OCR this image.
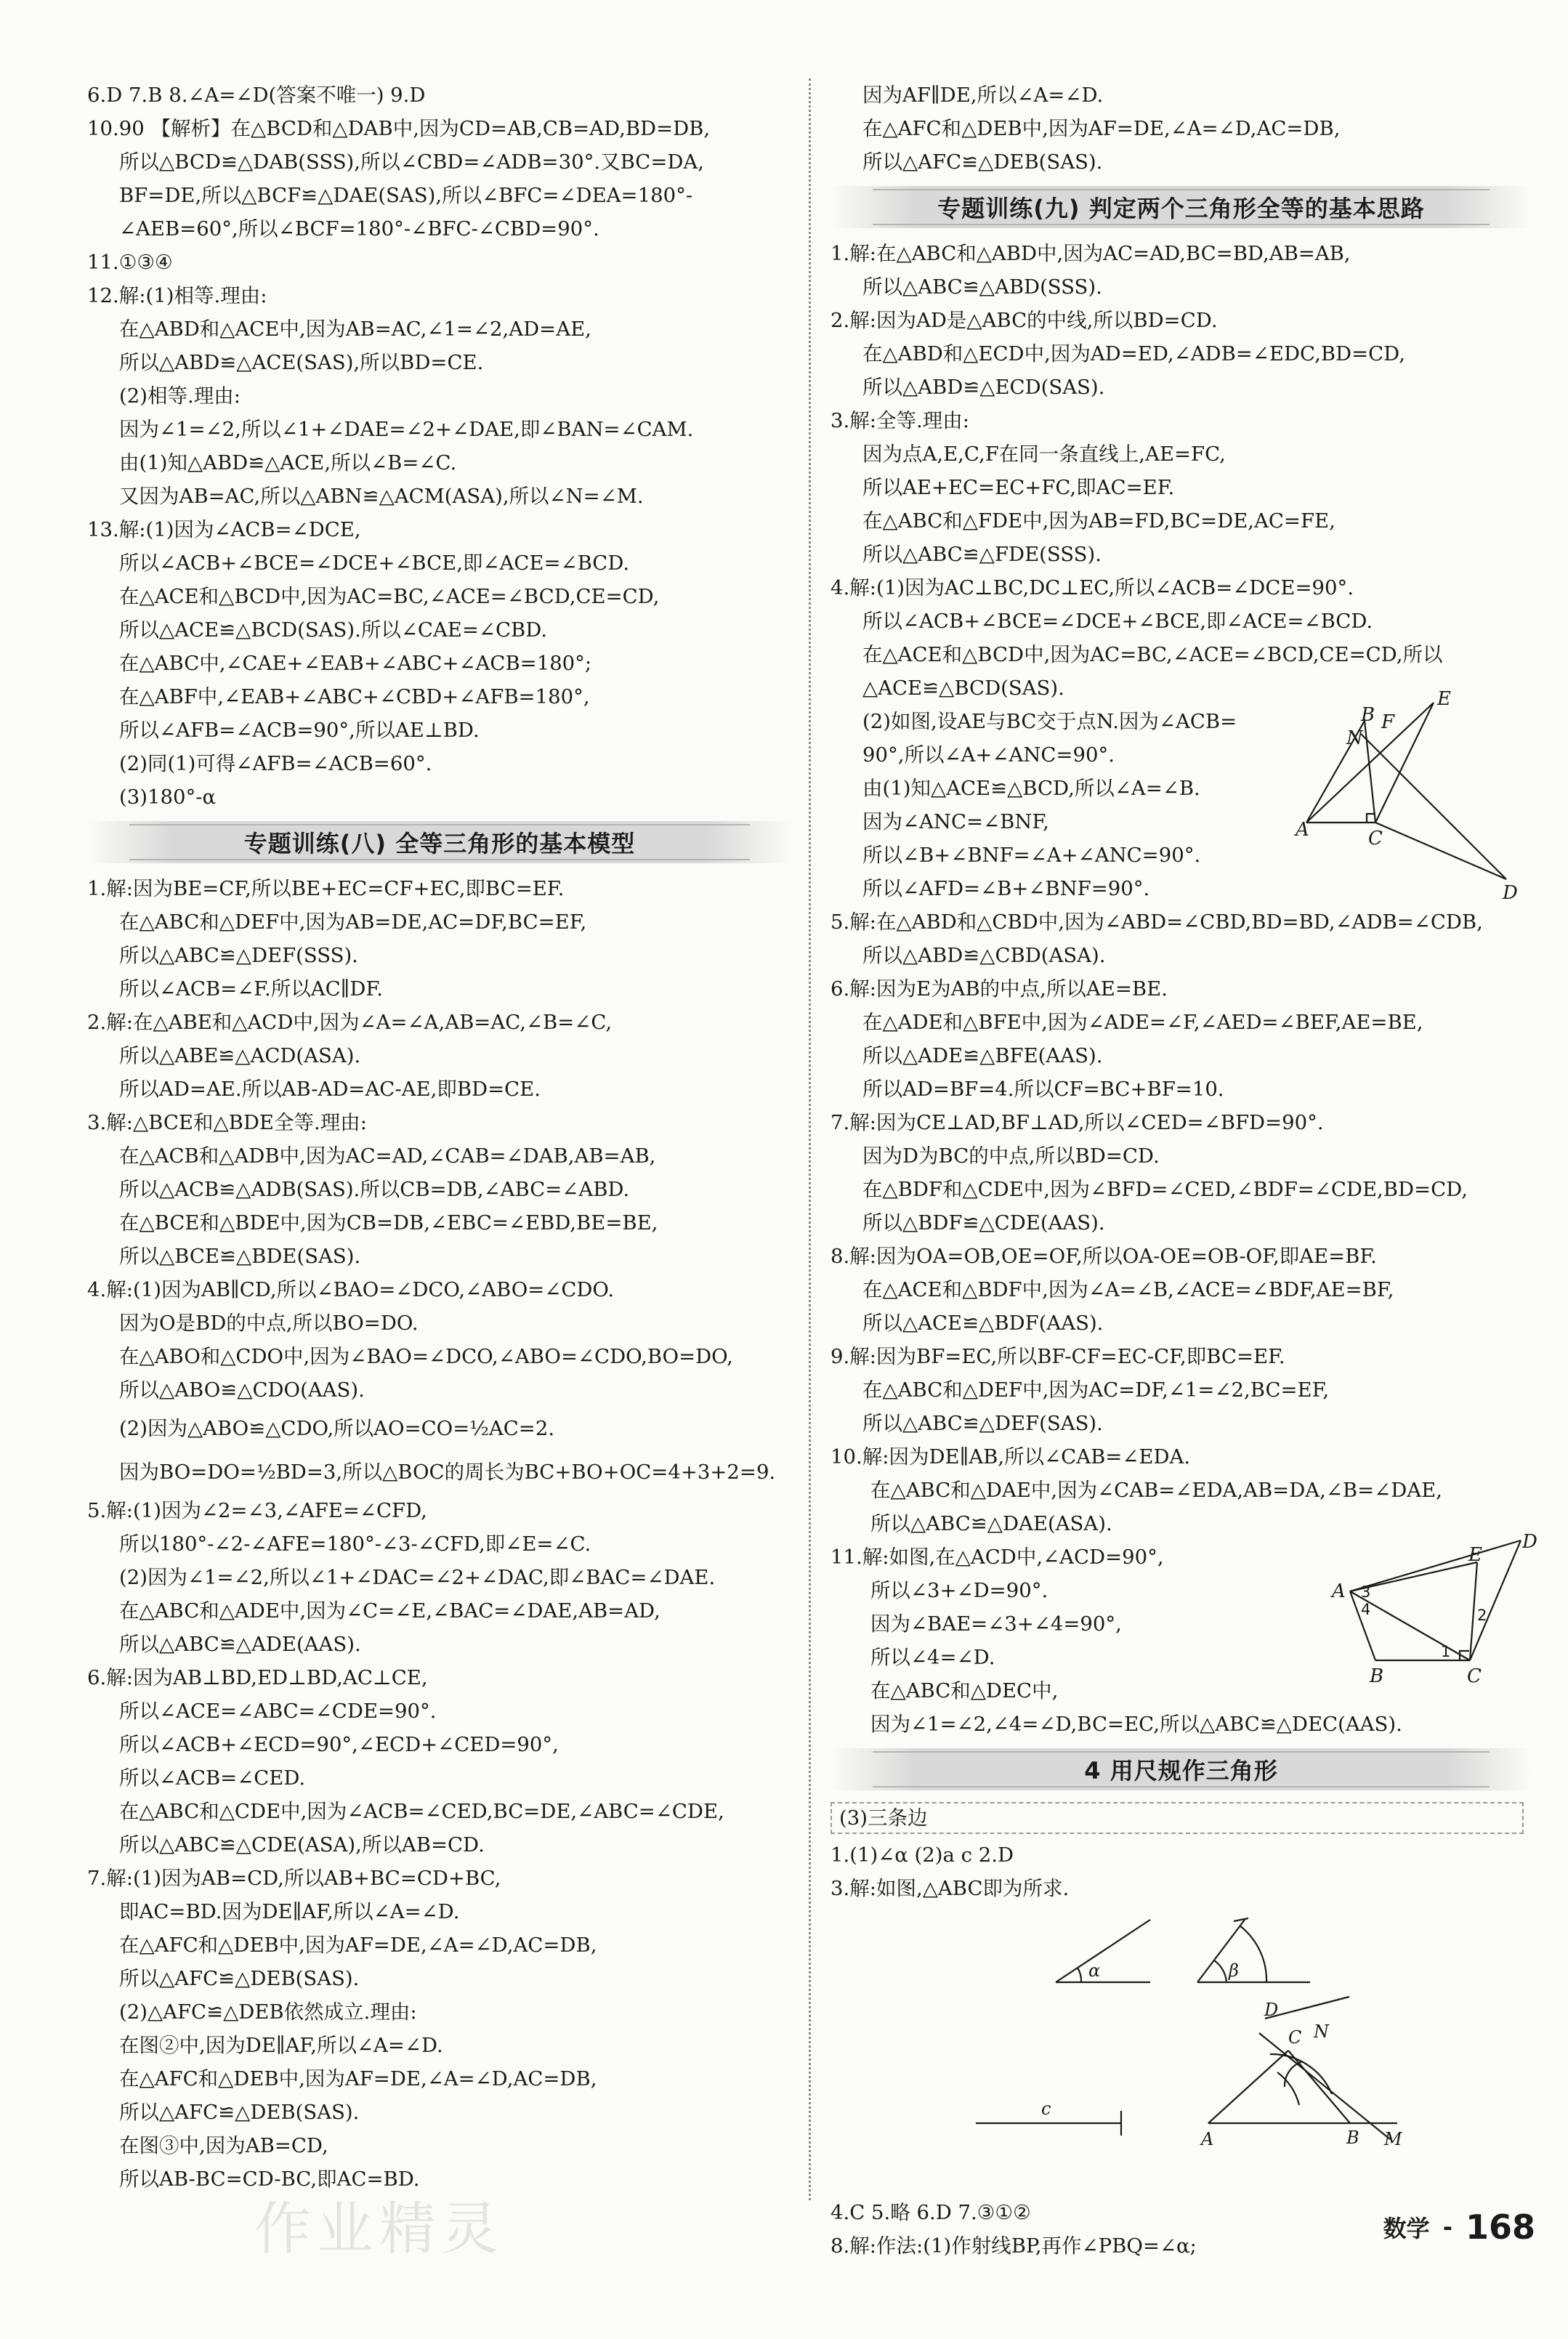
6.D 7.B 8.∠A=∠D(答案不唯一) 9.D
10.90 【解析】在△BCD和△DAB中,因为CD=AB,CB=AD,BD=DB,
所以△BCD≌△DAB(SSS),所以∠CBD=∠ADB=30°.又BC=DA,
BF=DE,所以△BCF≌△DAE(SAS),所以∠BFC=∠DEA=180°-
∠AEB=60°,所以∠BCF=180°-∠BFC-∠CBD=90°.
11.①③④
12.解:(1)相等.理由:
在△ABD和△ACE中,因为AB=AC,∠1=∠2,AD=AE,
所以△ABD≌△ACE(SAS),所以BD=CE.
(2)相等.理由:
因为∠1=∠2,所以∠1+∠DAE=∠2+∠DAE,即∠BAN=∠CAM.
由(1)知△ABD≌△ACE,所以∠B=∠C.
又因为AB=AC,所以△ABN≌△ACM(ASA),所以∠N=∠M.
13.解:(1)因为∠ACB=∠DCE,
所以∠ACB+∠BCE=∠DCE+∠BCE,即∠ACE=∠BCD.
在△ACE和△BCD中,因为AC=BC,∠ACE=∠BCD,CE=CD,
所以△ACE≌△BCD(SAS).所以∠CAE=∠CBD.
在△ABC中,∠CAE+∠EAB+∠ABC+∠ACB=180°;
在△ABF中,∠EAB+∠ABC+∠CBD+∠AFB=180°,
所以∠AFB=∠ACB=90°,所以AE⊥BD.
(2)同(1)可得∠AFB=∠ACB=60°.
(3)180°-α
专题训练(八) 全等三角形的基本模型
1.解:因为BE=CF,所以BE+EC=CF+EC,即BC=EF.
在△ABC和△DEF中,因为AB=DE,AC=DF,BC=EF,
所以△ABC≌△DEF(SSS).
所以∠ACB=∠F.所以AC∥DF.
2.解:在△ABE和△ACD中,因为∠A=∠A,AB=AC,∠B=∠C,
所以△ABE≌△ACD(ASA).
所以AD=AE.所以AB-AD=AC-AE,即BD=CE.
3.解:△BCE和△BDE全等.理由:
在△ACB和△ADB中,因为AC=AD,∠CAB=∠DAB,AB=AB,
所以△ACB≌△ADB(SAS).所以CB=DB,∠ABC=∠ABD.
在△BCE和△BDE中,因为CB=DB,∠EBC=∠EBD,BE=BE,
所以△BCE≌△BDE(SAS).
4.解:(1)因为AB∥CD,所以∠BAO=∠DCO,∠ABO=∠CDO.
因为O是BD的中点,所以BO=DO.
在△ABO和△CDO中,因为∠BAO=∠DCO,∠ABO=∠CDO,BO=DO,
所以△ABO≌△CDO(AAS).
(2)因为△ABO≌△CDO,所以AO=CO=½AC=2.
因为BO=DO=½BD=3,所以△BOC的周长为BC+BO+OC=4+3+2=9.
5.解:(1)因为∠2=∠3,∠AFE=∠CFD,
所以180°-∠2-∠AFE=180°-∠3-∠CFD,即∠E=∠C.
(2)因为∠1=∠2,所以∠1+∠DAC=∠2+∠DAC,即∠BAC=∠DAE.
在△ABC和△ADE中,因为∠C=∠E,∠BAC=∠DAE,AB=AD,
所以△ABC≌△ADE(AAS).
6.解:因为AB⊥BD,ED⊥BD,AC⊥CE,
所以∠ACE=∠ABC=∠CDE=90°.
所以∠ACB+∠ECD=90°,∠ECD+∠CED=90°,
所以∠ACB=∠CED.
在△ABC和△CDE中,因为∠ACB=∠CED,BC=DE,∠ABC=∠CDE,
所以△ABC≌△CDE(ASA),所以AB=CD.
7.解:(1)因为AB=CD,所以AB+BC=CD+BC,
即AC=BD.因为DE∥AF,所以∠A=∠D.
在△AFC和△DEB中,因为AF=DE,∠A=∠D,AC=DB,
所以△AFC≌△DEB(SAS).
(2)△AFC≌△DEB依然成立.理由:
在图②中,因为DE∥AF,所以∠A=∠D.
在△AFC和△DEB中,因为AF=DE,∠A=∠D,AC=DB,
所以△AFC≌△DEB(SAS).
在图③中,因为AB=CD,
所以AB-BC=CD-BC,即AC=BD.
因为AF∥DE,所以∠A=∠D.
在△AFC和△DEB中,因为AF=DE,∠A=∠D,AC=DB,
所以△AFC≌△DEB(SAS).
专题训练(九) 判定两个三角形全等的基本思路
1.解:在△ABC和△ABD中,因为AC=AD,BC=BD,AB=AB,
所以△ABC≌△ABD(SSS).
2.解:因为AD是△ABC的中线,所以BD=CD.
在△ABD和△ECD中,因为AD=ED,∠ADB=∠EDC,BD=CD,
所以△ABD≌△ECD(SAS).
3.解:全等.理由:
因为点A,E,C,F在同一条直线上,AE=FC,
所以AE+EC=EC+FC,即AC=EF.
在△ABC和△FDE中,因为AB=FD,BC=DE,AC=FE,
所以△ABC≌△FDE(SSS).
4.解:(1)因为AC⊥BC,DC⊥EC,所以∠ACB=∠DCE=90°.
所以∠ACB+∠BCE=∠DCE+∠BCE,即∠ACE=∠BCD.
在△ACE和△BCD中,因为AC=BC,∠ACE=∠BCD,CE=CD,所以
△ACE≌△BCD(SAS).
(2)如图,设AE与BC交于点N.因为∠ACB=
90°,所以∠A+∠ANC=90°.
由(1)知△ACE≌△BCD,所以∠A=∠B.
因为∠ANC=∠BNF,
所以∠B+∠BNF=∠A+∠ANC=90°.
所以∠AFD=∠B+∠BNF=90°.
A
B
C
D
E
F
N
5.解:在△ABD和△CBD中,因为∠ABD=∠CBD,BD=BD,∠ADB=∠CDB,
所以△ABD≌△CBD(ASA).
6.解:因为E为AB的中点,所以AE=BE.
在△ADE和△BFE中,因为∠ADE=∠F,∠AED=∠BEF,AE=BE,
所以△ADE≌△BFE(AAS).
所以AD=BF=4.所以CF=BC+BF=10.
7.解:因为CE⊥AD,BF⊥AD,所以∠CED=∠BFD=90°.
因为D为BC的中点,所以BD=CD.
在△BDF和△CDE中,因为∠BFD=∠CED,∠BDF=∠CDE,BD=CD,
所以△BDF≌△CDE(AAS).
8.解:因为OA=OB,OE=OF,所以OA-OE=OB-OF,即AE=BF.
在△ACE和△BDF中,因为∠A=∠B,∠ACE=∠BDF,AE=BF,
所以△ACE≌△BDF(AAS).
9.解:因为BF=EC,所以BF-CF=EC-CF,即BC=EF.
在△ABC和△DEF中,因为AC=DF,∠1=∠2,BC=EF,
所以△ABC≌△DEF(SAS).
10.解:因为DE∥AB,所以∠CAB=∠EDA.
在△ABC和△DAE中,因为∠CAB=∠EDA,AB=DA,∠B=∠DAE,
所以△ABC≌△DAE(ASA).
11.解:如图,在△ACD中,∠ACD=90°,
所以∠3+∠D=90°.
因为∠BAE=∠3+∠4=90°,
所以∠4=∠D.
在△ABC和△DEC中,
因为∠1=∠2,∠4=∠D,BC=EC,所以△ABC≌△DEC(AAS).
A
B	C
D
E
1
2
3
4
4 用尺规作三角形
(3)三条边
1.(1)∠α (2)a c 2.D
3.解:如图,△ABC即为所求.
α	β
c
A	B
C
D
M
N
4.C 5.略 6.D 7.③①②
8.解:作法:(1)作射线BP,再作∠PBQ=∠α;
作业精灵	数学 - 168
